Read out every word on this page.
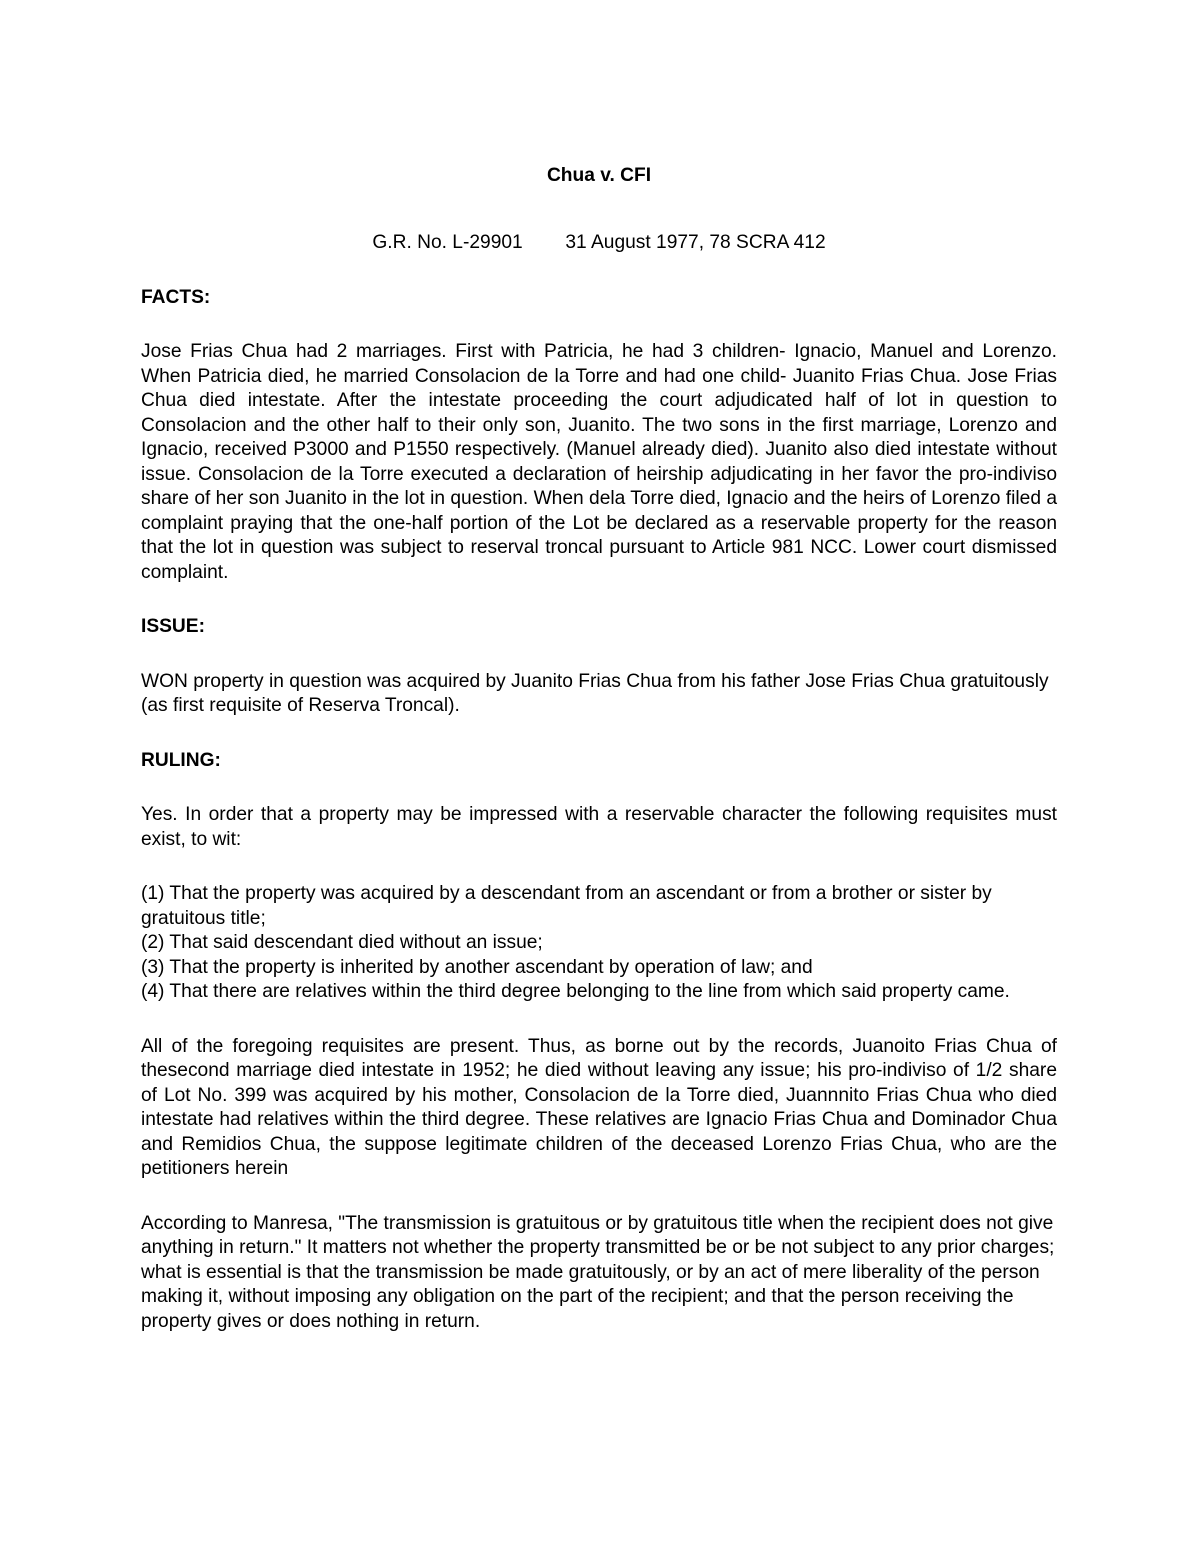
Chua v. CFI

G.R. No. L-29901        31 August 1977, 78 SCRA 412

FACTS:

Jose Frias Chua had 2 marriages. First with Patricia, he had 3 children- Ignacio, Manuel and Lorenzo. When Patricia died, he married Consolacion de la Torre and had one child- Juanito Frias Chua. Jose Frias Chua died intestate. After the intestate proceeding the court adjudicated half of lot in question to Consolacion and the other half to their only son, Juanito. The two sons in the first marriage, Lorenzo and Ignacio, received P3000 and P1550 respectively. (Manuel already died). Juanito also died intestate without issue. Consolacion de la Torre executed a declaration of heirship adjudicating in her favor the pro-indiviso share of her son Juanito in the lot in question. When dela Torre died, Ignacio and the heirs of Lorenzo filed a complaint praying that the one-half portion of the Lot be declared as a reservable property for the reason that the lot in question was subject to reserval troncal pursuant to Article 981 NCC. Lower court dismissed complaint.

ISSUE:

WON property in question was acquired by Juanito Frias Chua from his father Jose Frias Chua gratuitously (as first requisite of Reserva Troncal).

RULING:

Yes. In order that a property may be impressed with a reservable character the following requisites must exist, to wit:

(1) That the property was acquired by a descendant from an ascendant or from a brother or sister by gratuitous title;
(2) That said descendant died without an issue;
(3) That the property is inherited by another ascendant by operation of law; and
(4) That there are relatives within the third degree belonging to the line from which said property came.

All of the foregoing requisites are present. Thus, as borne out by the records, Juanoito Frias Chua of thesecond marriage died intestate in 1952; he died without leaving any issue; his pro-indiviso of 1/2 share of Lot No. 399 was acquired by his mother, Consolacion de la Torre died, Juannnito Frias Chua who died intestate had relatives within the third degree. These relatives are Ignacio Frias Chua and Dominador Chua and Remidios Chua, the suppose legitimate children of the deceased Lorenzo Frias Chua, who are the petitioners herein

According to Manresa, "The transmission is gratuitous or by gratuitous title when the recipient does not give anything in return." It matters not whether the property transmitted be or be not subject to any prior charges; what is essential is that the transmission be made gratuitously, or by an act of mere liberality of the person making it, without imposing any obligation on the part of the recipient; and that the person receiving the property gives or does nothing in return.
